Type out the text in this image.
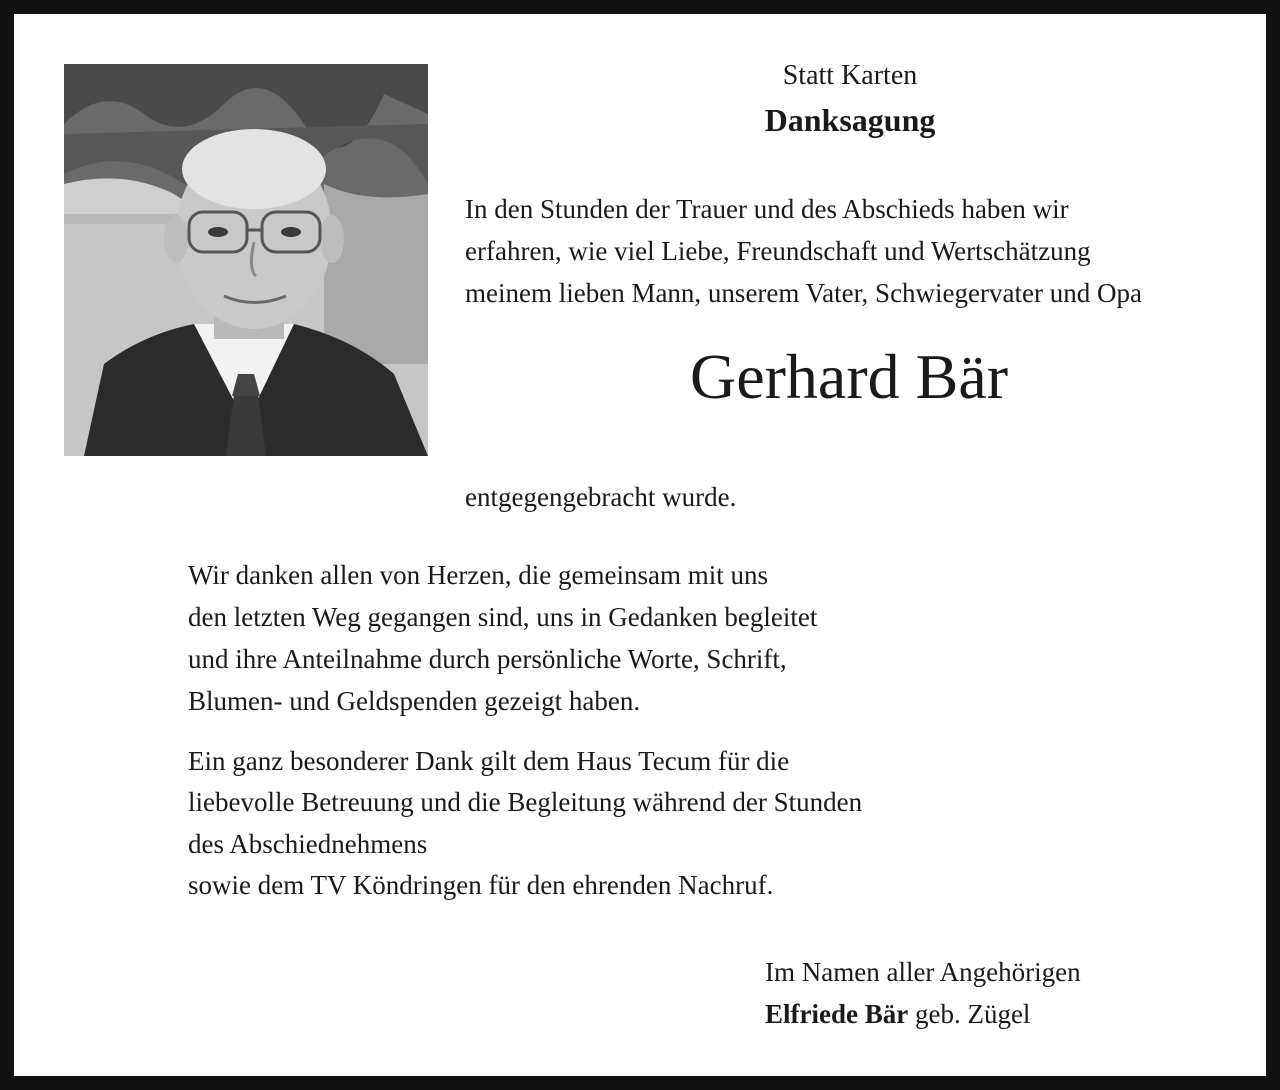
Statt Karten
Danksagung
In den Stunden der Trauer und des Abschieds haben wir
erfahren, wie viel Liebe, Freundschaft und Wertschätzung
meinem lieben Mann, unserem Vater, Schwiegervater und Opa
Gerhard Bär
entgegengebracht wurde.
Wir danken allen von Herzen, die gemeinsam mit uns
den letzten Weg gegangen sind, uns in Gedanken begleitet
und ihre Anteilnahme durch persönliche Worte, Schrift,
Blumen- und Geldspenden gezeigt haben.
Ein ganz besonderer Dank gilt dem Haus Tecum für die
liebevolle Betreuung und die Begleitung während der Stunden
des Abschiednehmens
sowie dem TV Köndringen für den ehrenden Nachruf.
Im Namen aller Angehörigen
Elfriede Bär geb. Zügel
